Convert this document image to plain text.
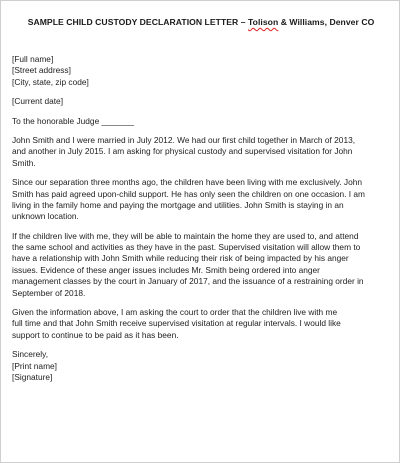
SAMPLE CHILD CUSTODY DECLARATION LETTER – Tolison & Williams, Denver CO
[Full name]
[Street address]
[City, state, zip code]
[Current date]
To the honorable Judge _______
John Smith and I were married in July 2012. We had our first child together in March of 2013,
and another in July 2015. I am asking for physical custody and supervised visitation for John
Smith.
Since our separation three months ago, the children have been living with me exclusively. John
Smith has paid agreed upon-child support. He has only seen the children on one occasion. I am
living in the family home and paying the mortgage and utilities. John Smith is staying in an
unknown location.
If the children live with me, they will be able to maintain the home they are used to, and attend
the same school and activities as they have in the past. Supervised visitation will allow them to
have a relationship with John Smith while reducing their risk of being impacted by his anger
issues. Evidence of these anger issues includes Mr. Smith being ordered into anger
management classes by the court in January of 2017, and the issuance of a restraining order in
September of 2018.
Given the information above, I am asking the court to order that the children live with me
full time and that John Smith receive supervised visitation at regular intervals. I would like
support to continue to be paid as it has been.
Sincerely,
[Print name]
[Signature]
